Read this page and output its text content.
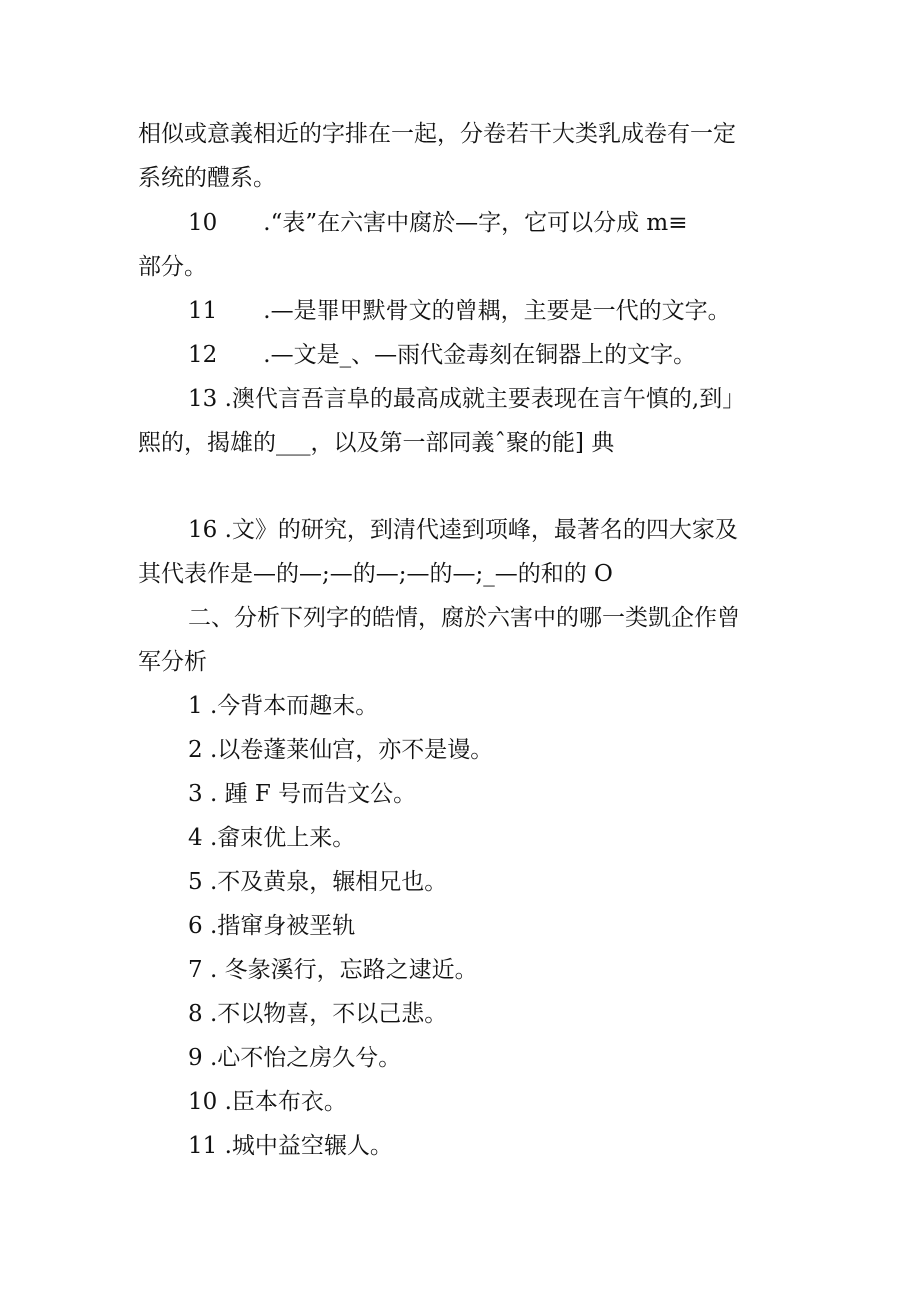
相似或意義相近的字排在一起，分卷若干大类乳成卷有一定
系统的醴系。
10 .“表”在六害中腐於—字，它可以分成 m≡
部分。
11 .—是罪甲默骨文的曾耦，主要是一代的文字。
12 .—文是_、—雨代金毒刻在铜器上的文字。
13 .澳代言吾言阜的最高成就主要表现在言午慎的,到」
熙的，揭雄的___，以及第一部同義ˆ聚的能] 典
16 .文》的研究，到清代逵到项峰，最著名的四大家及
其代表作是—的—;—的—;—的—;_—的和的 O
二、分析下列字的皓情，腐於六害中的哪一类凱企作曾
军分析
1 .今背本而趣末。
2 .以卷蓬莱仙宫，亦不是谩。
3 . 踵 F 号而告文公。
4 .畲朿优上来。
5 .不及黄泉，辗相兄也。
6 .揩窜身被垩轨
7 . 冬彖溪行，忘路之逮近。
8 .不以物喜，不以己悲。
9 .心不怡之房久兮。
10 .臣本布衣。
11 .城中益空辗人。
